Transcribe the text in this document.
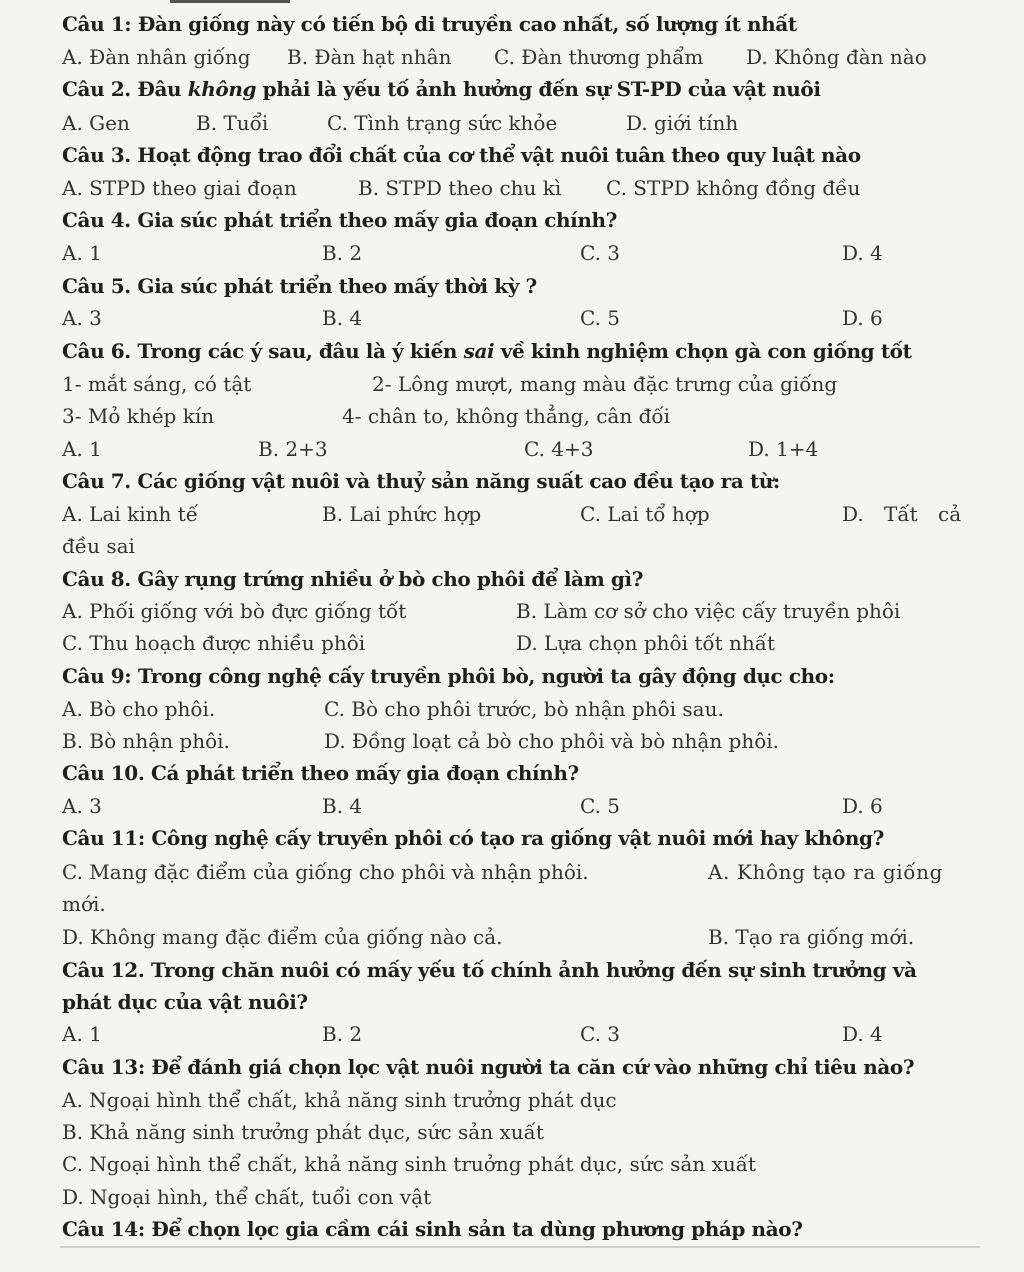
Câu 1: Đàn giống này có tiến bộ di truyền cao nhất, số lượng ít nhất
A. Đàn nhân giống B. Đàn hạt nhân C. Đàn thương phẩm D. Không đàn nào
Câu 2. Đâu không phải là yếu tố ảnh hưởng đến sự ST-PD của vật nuôi
A. Gen	B. Tuổi	C. Tình trạng sức khỏe	D. giới tính
Câu 3. Hoạt động trao đổi chất của cơ thể vật nuôi tuân theo quy luật nào
A. STPD theo giai đoạn	B. STPD theo chu kì C. STPD không đồng đều
Câu 4. Gia súc phát triển theo mấy gia đoạn chính?
A. 1	B. 2	C. 3	D. 4
Câu 5. Gia súc phát triển theo mấy thời kỳ ?
A. 3	B. 4	C. 5	D. 6
Câu 6. Trong các ý sau, đâu là ý kiến sai về kinh nghiệm chọn gà con giống tốt
1- mắt sáng, có tật	2- Lông mượt, mang màu đặc trưng của giống
3- Mỏ khép kín	4- chân to, không thẳng, cân đối
A. 1	B. 2+3	C. 4+3	D. 1+4
Câu 7. Các giống vật nuôi và thuỷ sản năng suất cao đều tạo ra từ:
A. Lai kinh tế	B. Lai phức hợp	C. Lai tổ hợp	D. Tất cả
đều sai
Câu 8. Gây rụng trứng nhiều ở bò cho phôi để làm gì?
A. Phối giống với bò đực giống tốt	B. Làm cơ sở cho việc cấy truyền phôi
C. Thu hoạch được nhiều phôi	D. Lựa chọn phôi tốt nhất
Câu 9: Trong công nghệ cấy truyền phôi bò, người ta gây động dục cho:
A. Bò cho phôi.	C. Bò cho phôi trước, bò nhận phôi sau.
B. Bò nhận phôi.	D. Đồng loạt cả bò cho phôi và bò nhận phôi.
Câu 10. Cá phát triển theo mấy gia đoạn chính?
A. 3	B. 4	C. 5	D. 6
Câu 11: Công nghệ cấy truyền phôi có tạo ra giống vật nuôi mới hay không?
C. Mang đặc điểm của giống cho phôi và nhận phôi.	A. Không tạo ra giống
mới.
D. Không mang đặc điểm của giống nào cả.	B. Tạo ra giống mới.
Câu 12. Trong chăn nuôi có mấy yếu tố chính ảnh hưởng đến sự sinh trưởng và
phát dục của vật nuôi?
A. 1	B. 2	C. 3	D. 4
Câu 13: Để đánh giá chọn lọc vật nuôi người ta căn cứ vào những chỉ tiêu nào?
A. Ngoại hình thể chất, khả năng sinh trưởng phát dục
B. Khả năng sinh trưởng phát dục, sức sản xuất
C. Ngoại hình thể chất, khả năng sinh truởng phát dục, sức sản xuất
D. Ngoại hình, thể chất, tuổi con vật
Câu 14: Để chọn lọc gia cầm cái sinh sản ta dùng phương pháp nào?
